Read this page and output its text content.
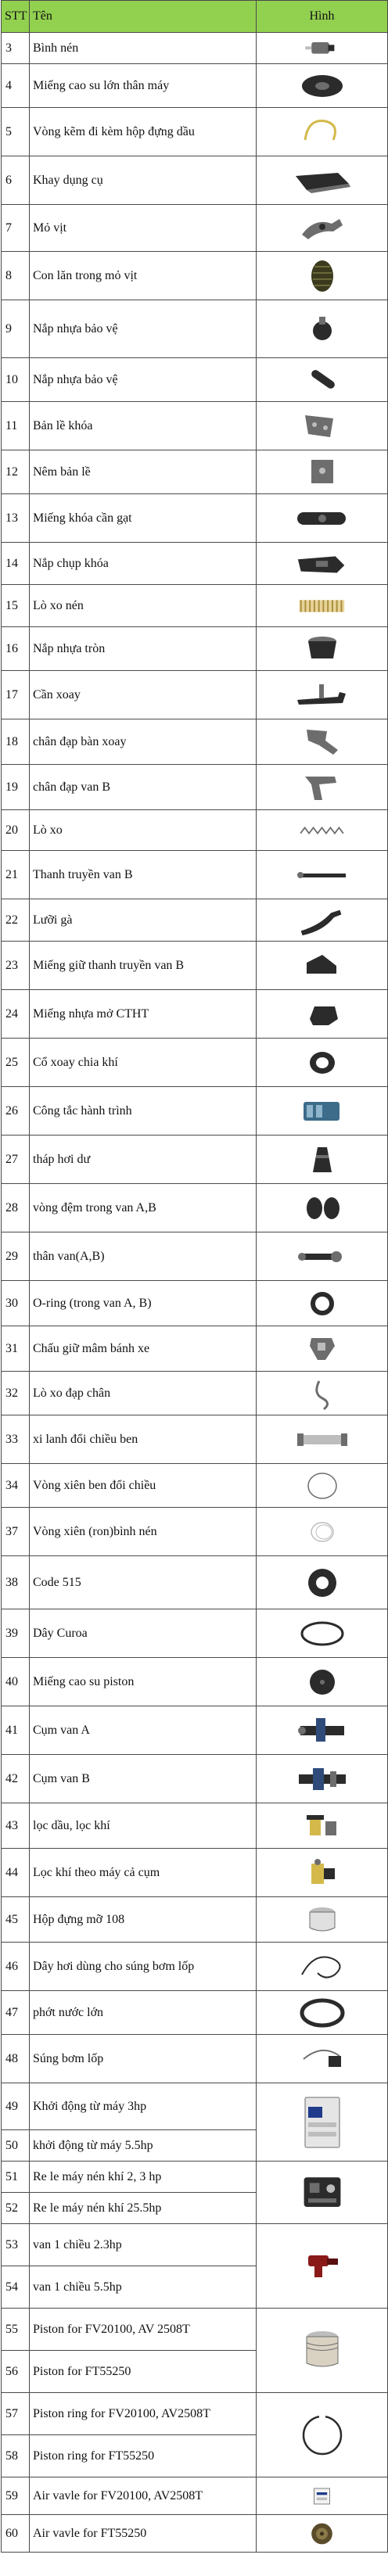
STT	Tên	Hình
3	Bình nén	
4	Miếng cao su lớn thân máy	
5	Vòng kẽm đi kèm hộp đựng dầu	
6	Khay dụng cụ	
7	Mỏ vịt	
8	Con lăn trong mỏ vịt	
9	Nắp nhựa bảo vệ	
10	Nắp nhựa bảo vệ	
11	Bản lề khóa	
12	Nêm bản lề	
13	Miếng khóa cần gạt	
14	Nắp chụp khóa	
15	Lò xo nén	
16	Nắp nhựa tròn	
17	Cần xoay	
18	chân đạp bàn xoay	
19	chân đạp van B	
20	Lò xo	
21	Thanh truyền van B	
22	Lưỡi gà	
23	Miếng giữ thanh truyền van B	
24	Miếng nhựa mở CTHT	
25	Cổ xoay chia khí	
26	Công tắc hành trình	
27	tháp hơi dư	
28	vòng đệm trong van A,B	
29	thân van(A,B)	
30	O-ring (trong van A, B)	
31	Chấu giữ mâm bánh xe	
32	Lò xo đạp chân	
33	xi lanh đổi chiều ben	
34	Vòng xiên ben đổi chiều	
37	Vòng xiên (ron)bình nén	
38	Code 515	
39	Dây Curoa	
40	Miếng cao su piston	
41	Cụm van A	
42	Cụm van B	
43	lọc dầu, lọc khí	
44	Lọc khí theo máy cả cụm	
45	Hộp đựng mỡ 108	
46	Dây hơi dùng cho súng bơm lốp	
47	phớt nước lớn	
48	Súng bơm lốp	
49	Khởi động từ máy 3hp	
50	khởi động từ máy 5.5hp	
51	Re le máy nén khí 2, 3 hp	
52	Re le máy nén khí 25.5hp	
53	van 1 chiều 2.3hp	
54	van 1 chiều 5.5hp	
55	Piston for FV20100, AV 2508T	
56	Piston for FT55250	
57	Piston ring for FV20100, AV2508T	
58	Piston ring for FT55250	
59	Air vavle for FV20100, AV2508T	
60	Air vavle for FT55250	
